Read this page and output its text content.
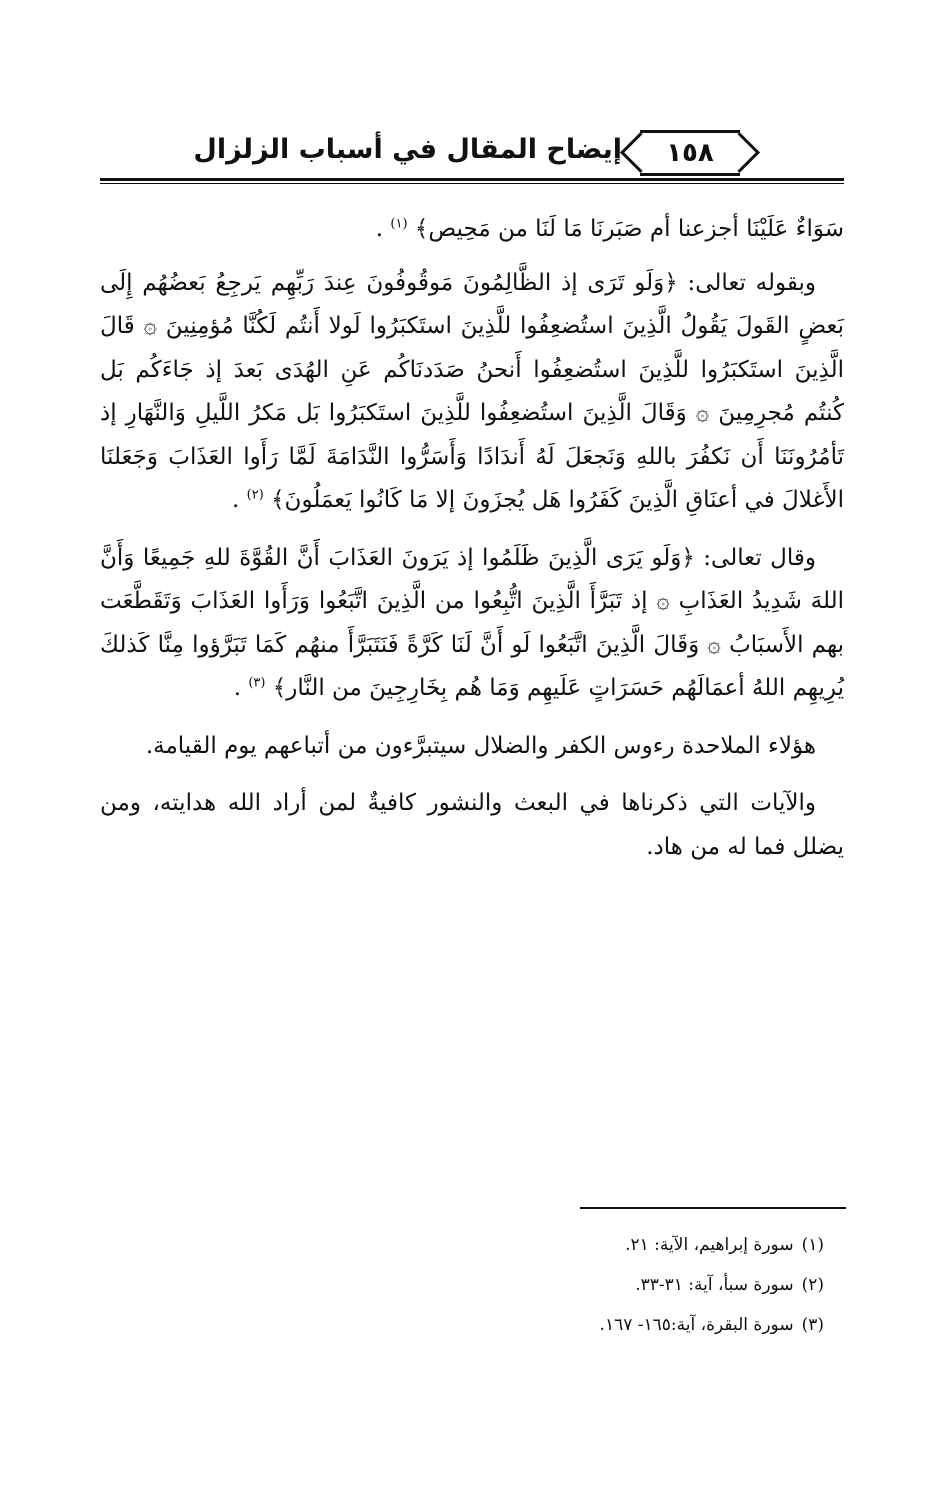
إيضاح المقال في أسباب الزلزال	١٥٨

سَوَاءٌ عَلَيْنَا أجزعنا أم صَبَرنَا مَا لَنَا من مَحِيص﴾ $^{(١)}$ .

وبقوله تعالى: ﴿وَلَو تَرَى إذ الظَّالِمُونَ مَوقُوفُونَ عِندَ رَبِّهِم يَرجِعُ بَعضُهُم إِلَى بَعضٍ القَولَ يَقُولُ الَّذِينَ استُضعِفُوا للَّذِينَ استَكبَرُوا لَولا أَنتُم لَكُنَّا مُؤمِنِينَ ۞ قَالَ الَّذِينَ استَكبَرُوا للَّذِينَ استُضعِفُوا أَنحنُ صَدَدنَاكُم عَنِ الهُدَى بَعدَ إذ جَاءَكُم بَل كُنتُم مُجرِمِينَ ۞ وَقَالَ الَّذِينَ استُضعِفُوا للَّذِينَ استَكبَرُوا بَل مَكرُ اللَّيلِ وَالنَّهَارِ إذ تَأمُرُونَنَا أَن نَكفُرَ باللهِ وَنَجعَلَ لَهُ أَندَادًا وَأَسَرُّوا النَّدَامَةَ لَمَّا رَأَوا العَذَابَ وَجَعَلنَا الأَغلالَ في أعنَاقِ الَّذِينَ كَفَرُوا هَل يُجزَونَ إلا مَا كَانُوا يَعمَلُونَ﴾ $^{(٢)}$ .

وقال تعالى: ﴿وَلَو يَرَى الَّذِينَ ظَلَمُوا إذ يَرَونَ العَذَابَ أَنَّ القُوَّةَ للهِ جَمِيعًا وَأَنَّ اللهَ شَدِيدُ العَذَابِ ۞ إذ تَبَرَّأَ الَّذِينَ اتُّبِعُوا من الَّذِينَ اتَّبَعُوا وَرَأَوا العَذَابَ وَتَقَطَّعَت بهم الأَسبَابُ ۞ وَقَالَ الَّذِينَ اتَّبَعُوا لَو أَنَّ لَنَا كَرَّةً فَنَتَبَرَّأَ منهُم كَمَا تَبَرَّؤوا مِنَّا كَذلكَ يُرِيهِم اللهُ أعمَالَهُم حَسَرَاتٍ عَلَيهِم وَمَا هُم بِخَارِجِينَ من النَّار﴾ $^{(٣)}$ .

هؤلاء الملاحدة رءوس الكفر والضلال سيتبرَّءون من أتباعهم يوم القيامة.

والآيات التي ذكرناها في البعث والنشور كافيةٌ لمن أراد الله هدايته، ومن يضلل فما له من هاد.

(١)سورة إبراهيم، الآية: ٢١.

(٢)سورة سبأ، آية: ٣١-٣٣.

(٣)سورة البقرة، آية:١٦٥- ١٦٧.
